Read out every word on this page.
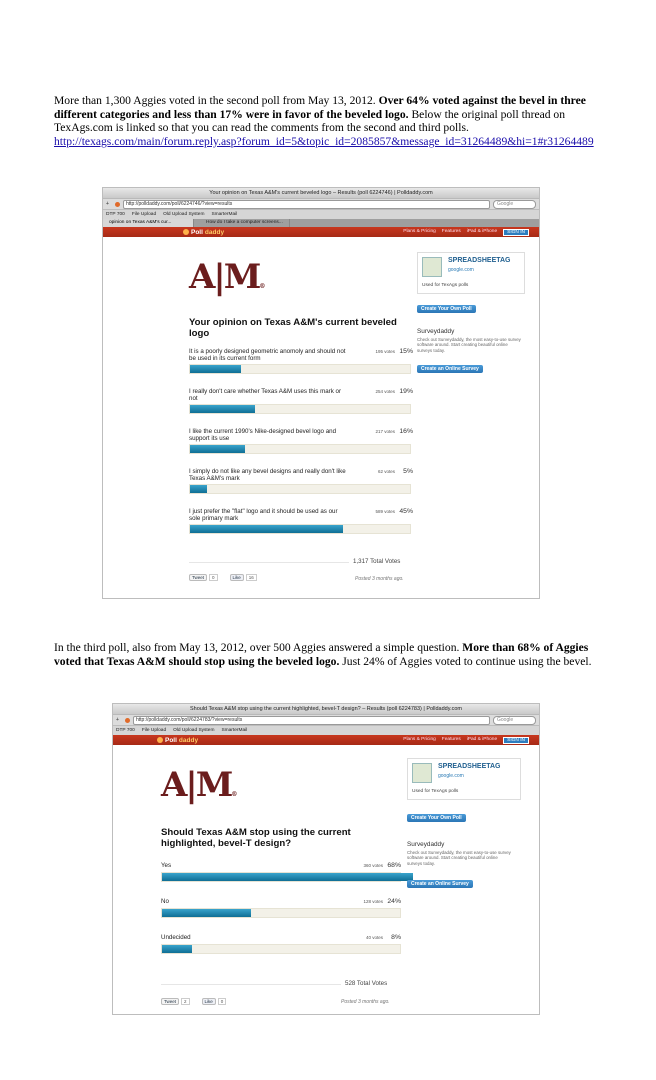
More than 1,300 Aggies voted in the second poll from May 13, 2012. Over 64% voted against the bevel in three different categories and less than 17% were in favor of the beveled logo. Below the original poll thread on TexAgs.com is linked so that you can read the comments from the second and third polls.
http://texags.com/main/forum.reply.asp?forum_id=5&topic_id=2085857&message_id=31264489&hi=1#r31264489
Your opinion on Texas A&M's current beveled logo – Results (poll 6224746) | Polldaddy.com
+	http://polldaddy.com/poll/6224746/?view=results	Google
DTP 700 File Upload Old Upload System SmarterMail
opinion on Texas A&M's cur...	How do I take a computer screens...
Poll daddy	Plans & Pricing Features iPad & iPhone	SIGN IN
A|M®
Your opinion on Texas A&M's current beveled logo
It is a poorly designed geometric anomoly and should not be used in its current form
195 votes 15%
I really don't care whether Texas A&M uses this mark or not
254 votes 19%
I like the current 1990's Nike-designed bevel logo and support its use
217 votes 16%
I simply do not like any bevel designs and really don't like Texas A&M's mark
62 votes 5%
I just prefer the "flat" logo and it should be used as our sole primary mark
589 votes 45%
1,317 Total Votes
Tweet 0	Like 16	Posted 3 months ago.
SPREADSHEETAG
google.com
Used for TexAgs polls
Create Your Own Poll
Surveydaddy
Check out Surveydaddy, the most easy-to-use survey software around. Start creating beautiful online surveys today.
Create an Online Survey
In the third poll, also from May 13, 2012, over 500 Aggies answered a simple question. More than 68% of Aggies voted that Texas A&M should stop using the beveled logo. Just 24% of Aggies voted to continue using the bevel.
Should Texas A&M stop using the current highlighted, bevel-T design? – Results (poll 6224783) | Polldaddy.com
+	http://polldaddy.com/poll/6224783/?view=results	Google
DTP 700 File Upload Old Upload System SmarterMail
Poll daddy	Plans & Pricing Features iPad & iPhone	SIGN IN
A|M®
Should Texas A&M stop using the current highlighted, bevel-T design?
Yes	360 votes 68%
No	128 votes 24%
Undecided	40 votes 8%
528 Total Votes
Tweet 2	Like 0	Posted 3 months ago.
SPREADSHEETAG
google.com
Used for TexAgs polls
Create Your Own Poll
Surveydaddy
Check out Surveydaddy, the most easy-to-use survey software around. Start creating beautiful online surveys today.
Create an Online Survey
